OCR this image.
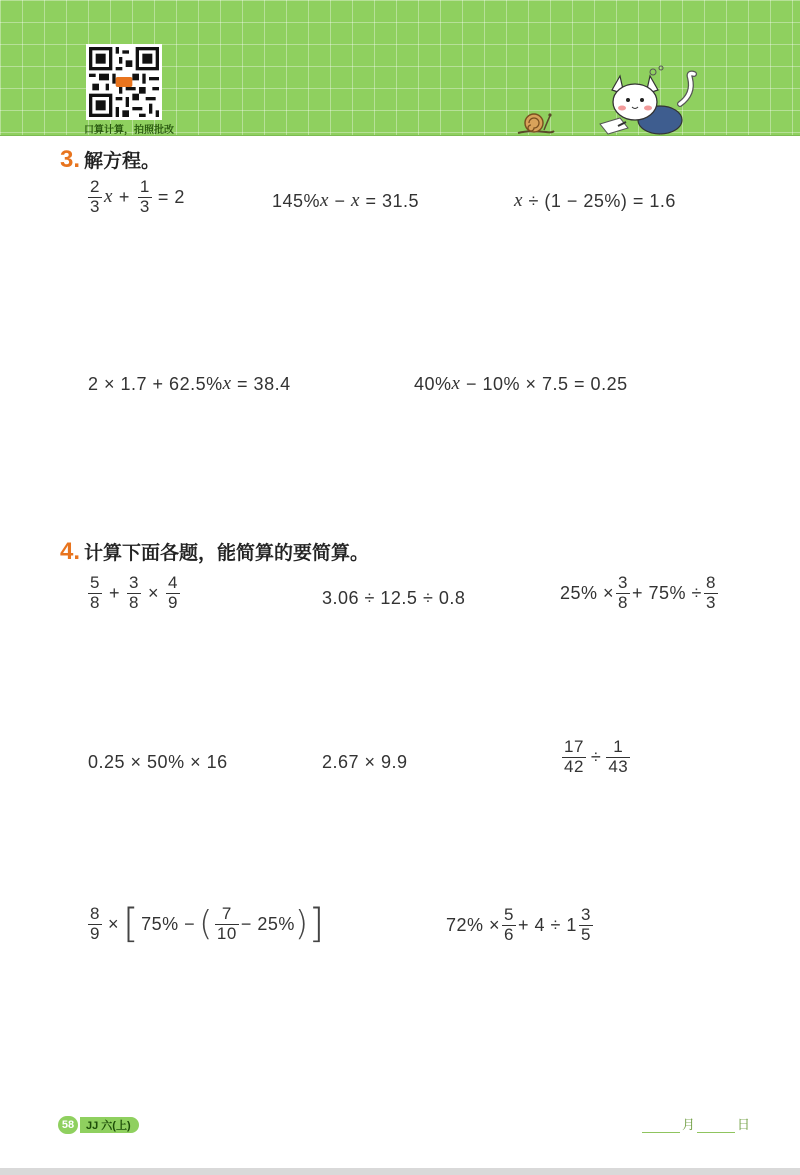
口算计算，拍照批改
3. 解方程。
$\frac{2}{3}$ $x + \frac{1}{3} = 2$	145% x − x = 31.5	x ÷ (1 − 25%) = 1.6
2 × 1.7 + 62.5% x = 38.4	40% x − 10% × 7.5 = 0.25
4. 计算下面各题，能简算的要简算。
$\frac{5}{8} + \frac{3}{8} \times \frac{4}{9}$	3.06 ÷ 12.5 ÷ 0.8	$25\% \times \frac{3}{8} + 75\% \div \frac{8}{3}$
0.25 × 50% × 16	2.67 × 9.9	$\frac{17}{42} \div \frac{1}{43}$
$\frac{8}{9}$ × [ 75% − ( $\frac{7}{10} - 25\%$ ) ]	$72\% \times \frac{5}{6} + 4 \div 1 \frac{3}{5}$
58	JJ 六(上)	月	日
